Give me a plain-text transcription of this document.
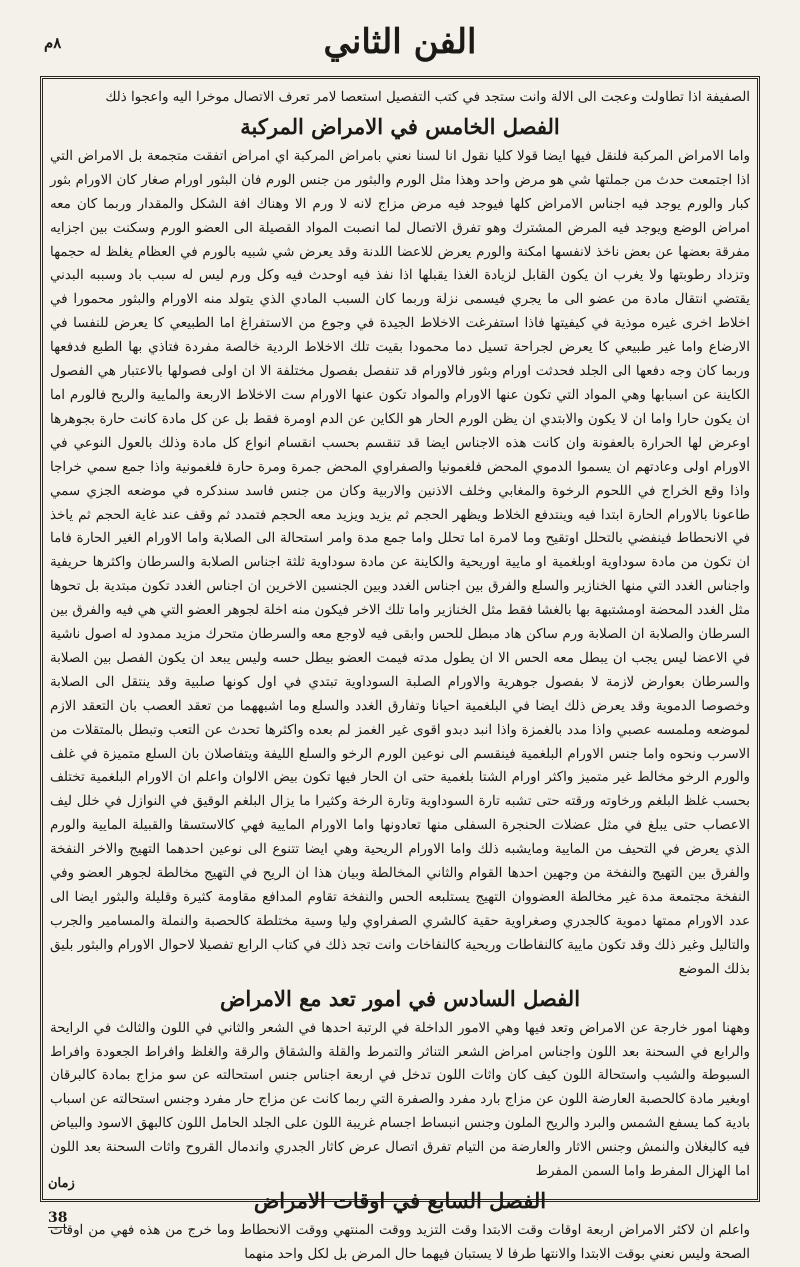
الفن الثاني
٨م

الصفيفة اذا تطاولت وعجت الى الالة وانت ستجد في كتب التفصيل استعصا لامر تعرف الاتصال موخرا اليه واعجوا ذلك

الفصل الخامس في الامراض المركبة

واما الامراض المركبة فلنقل فيها ايضا قولا كليا نقول انا لسنا نعني بامراض المركبة اي امراض اتفقت متجمعة بل الامراض التي اذا اجتمعت حدث من جملتها شي هو مرض واحد وهذا مثل الورم والبثور من جنس الورم فان البثور اورام صغار كان الاورام بثور كبار والورم يوجد فيه اجناس الامراض كلها فيوجد فيه مرض مزاج لانه لا ورم الا وهناك افة الشكل والمقدار وربما كان معه امراض الوضع ويوجد فيه المرض المشترك وهو تفرق الاتصال لما انصبت المواد القصيلة الى العضو الورم وسكنت بين اجزايه مفرقة بعضها عن بعض ناخذ لانفسها امكنة والورم يعرض للاعضا اللدنة وقد يعرض شي شبيه بالورم في العظام يغلظ له حجمها وتزداد رطوبتها ولا يغرب ان يكون القابل لزيادة الغذا يقبلها اذا نفذ فيه اوحدث فيه وكل ورم ليس له سبب باد وسببه البدني يقتضي انتقال مادة من عضو الى ما يجري فيسمى نزلة وربما كان السبب المادي الذي يتولد منه الاورام والبثور محمورا في اخلاط اخرى غيره موذية في كيفيتها فاذا استفرغت الاخلاط الجيدة في وجوع من الاستفراغ اما الطبيعي كا يعرض للنفسا في الارضاع واما غير طبيعي كا يعرض لجراحة تسيل دما محمودا بقيت تلك الاخلاط الردية خالصة مفردة فتاذي بها الطبع فدفعها وربما كان وجه دفعها الى الجلد فحدثت اورام وبثور فالاورام قد تنفصل بفصول مختلفة الا ان اولى فصولها بالاعتبار هي الفصول الكاينة عن اسبابها وهي المواد التي تكون عنها الاورام والمواد تكون عنها الاورام ست الاخلاط الاربعة والمايية والريح فالورم اما ان يكون حارا واما ان لا يكون والابتدي ان يظن الورم الحار هو الكاين عن الدم اومرة فقط بل عن كل مادة كانت حارة بجوهرها اوعرض لها الحرارة بالعفونة وان كانت هذه الاجناس ايضا قد تنقسم بحسب انقسام انواع كل مادة وذلك بالعول النوعي في الاورام اولى وعادتهم ان يسموا الدموي المحض فلغمونيا والصفراوي المحض جمرة ومرة حارة فلغمونية واذا جمع سمي خراجا واذا وقع الخراج في اللحوم الرخوة والمغابي وخلف الاذنين والاربية وكان من جنس فاسد سندكره في موضعه الجزي سمي طاعونا بالاورام الحارة ابتدا فيه وينتدفع الخلاط ويظهر الحجم ثم يزيد ويزيد معه الحجم فتمدد ثم وقف عند غاية الحجم ثم ياخذ في الانحطاط فينفضي بالتحلل اوتقيح وما لامرة اما تحلل واما جمع مدة وامر استحالة الى الصلابة واما الاورام الغير الحارة فاما ان تكون من مادة سوداوية اوبلغمية او مايية اوريحية والكاينة عن مادة سوداوية ثلثة اجناس الصلابة والسرطان واكثرها حريفية واجناس الغدد التي منها الخنازير والسلع والفرق بين اجناس الغدد وبين الجنسين الاخرين ان اجناس الغدد تكون مبتدية بل تحوها مثل الغدد المحضة اومشتبهة بها بالغشا فقط مثل الخنازير واما تلك الاخر فيكون منه اخلة لجوهر العضو التي هي فيه والفرق بين السرطان والصلابة ان الصلابة ورم ساكن هاد مبطل للحس وابقى فيه لاوجع معه والسرطان متحرك مزيد ممدود له اصول ناشية في الاعضا ليس يجب ان يبطل معه الحس الا ان يطول مدته فيمت العضو بيطل حسه وليس يبعد ان يكون الفصل بين الصلابة والسرطان بعوارض لازمة لا بفصول جوهرية والاورام الصلبة السوداوية تبتدي في اول كونها صلبية وقد ينتقل الى الصلابة وخصوصا الدموية وقد يعرض ذلك ايضا في البلغمية احيانا وتفارق الغدد والسلع وما اشبههما من تعقد العصب بان التعقد الازم لموضعه وملمسه عصبي واذا مدد بالغمزة واذا انبد دبدو اقوى غير الغمز لم بعده واكثرها تحدث عن التعب وتبطل بالمتقلات من الاسرب ونحوه واما جنس الاورام البلغمية فينقسم الى نوعين الورم الرخو والسلع الليفة ويتفاصلان بان السلع متميزة في غلف والورم الرخو مخالط غير متميز واكثر اورام الشتا بلغمية حتى ان الحار فيها تكون بيض الالوان واعلم ان الاورام البلغمية تختلف بحسب غلظ البلغم ورخاوته ورقته حتى تشبه تارة السوداوية وتارة الرخة وكثيرا ما يزال البلغم الوقيق في النوازل في خلل ليف الاعصاب حتى يبلغ في مثل عضلات الحنجرة السفلى منها تعادونها واما الاورام المايية فهي كالاستسقا والقبيلة المايية والورم الذي يعرض في التحيف من المايية ومايشبه ذلك واما الاورام الريحية وهي ايضا تتنوع الى نوعين احدهما التهيج والاخر النفخة والفرق بين التهيج والنفخة من وجهين احدها القوام والثاني المخالطة وبيان هذا ان الريح في التهيج مخالطة لجوهر العضو وفي النفخة مجتمعة مدة غير مخالطة العضووان التهيج يستلبعه الحس والنفخة تقاوم المدافع مقاومة كثيرة وقليلة والبثور ايضا الى عدد الاورام ممتها دموية كالجدري وصغراوية حقية كالشري الصفراوي وليا وسية مختلطة كالحصبة والنملة والمسامير والجرب والتاليل وغير ذلك وقد تكون مايية كالنفاطات وريحية كالنفاخات وانت تجد ذلك في كتاب الرابع تفصيلا لاحوال الاورام والبثور بليق بذلك الموضع

الفصل السادس في امور تعد مع الامراض

وههنا امور خارجة عن الامراض وتعد فيها وهي الامور الداخلة في الرتبة احدها في الشعر والثاني في اللون والثالث في الرايحة والرابع في السحنة بعد اللون واجناس امراض الشعر التناثر والتمرط والقلة والشقاق والرقة والغلظ وافراط الجعودة وافراط السبوطة والشيب واستحالة اللون كيف كان واثات اللون تدخل في اربعة اجناس جنس استحالته عن سو مزاج بمادة كالبرقان اوبغير مادة كالحصبة العارضة اللون عن مزاج بارد مفرد والصفرة التي ربما كانت عن مزاج حار مفرد وجنس استحالته عن اسباب بادية كما يسفع الشمس والبرد والريح الملون وجنس انبساط اجسام غريبة اللون على الجلد الحامل اللون كالبهق الاسود والبياض فيه كالبغلان والنمش وجنس الاثار والعارضة من التيام تفرق اتصال عرض كاثار الجدري واندمال القروح واثات السحنة بعد اللون اما الهزال المفرط واما السمن المفرط

الفصل السابع في اوقات الامراض

واعلم ان لاكثر الامراض اربعة اوقات وقت الابتدا وقت التزيد ووقت المنتهي ووقت الانحطاط وما خرج من هذه فهي من اوقات الصحة وليس نعني بوقت الابتدا والانتها طرفا لا يستبان فيهما حال المرض بل لكل واحد منهما

زمان
38
